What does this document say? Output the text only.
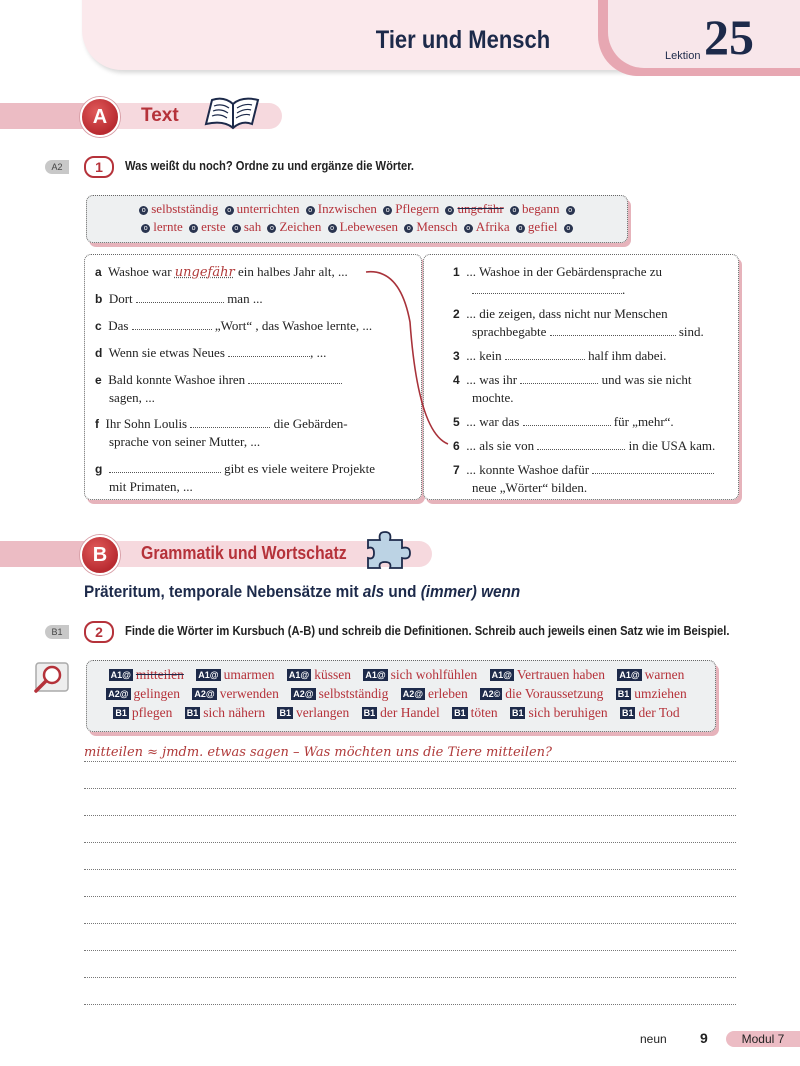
Tier und Mensch
Lektion 25
A	Text
A2	1	Was weißt du noch? Ordne zu und ergänze die Wörter.
o selbstständig o unterrichten o Inzwischen o Pflegern o ungefähr o begann o
o lernte o erste o sah o Zeichen o Lebewesen o Mensch o Afrika o gefiel o
a Washoe war ungefähr ein halbes Jahr alt, ...
b Dort	man ...
c Das	„Wort“ , das Washoe lernte, ...
d Wenn sie etwas Neues	, ...
e Bald konnte Washoe ihren
sagen, ...
f Ihr Sohn Loulis	die Gebärden-
sprache von seiner Mutter, ...
g	gibt es viele weitere Projekte
mit Primaten, ...
1 ... Washoe in der Gebärdensprache zu
.
2 ... die zeigen, dass nicht nur Menschen
sprachbegabte	sind.
3 ... kein	half ihm dabei.
4 ... was ihr	und was sie nicht
mochte.
5 ... war das	für „mehr“.
6 ... als sie von	in die USA kam.
7 ... konnte Washoe dafür
neue „Wörter“ bilden.
B	Grammatik und Wortschatz
Präteritum, temporale Nebensätze mit als und (immer) wenn
B1	2	Finde die Wörter im Kursbuch (A-B) und schreib die Definitionen. Schreib auch jeweils einen Satz wie im Beispiel.
A1@ mitteilen A1@ umarmen A1@ küssen A1@ sich wohlfühlen A1@ Vertrauen haben A1@ warnen
A2@ gelingen A2@ verwenden A2@ selbstständig A2@ erleben A2© die Voraussetzung B1 umziehen
B1 pflegen B1 sich nähern B1 verlangen B1 der Handel B1 töten B1 sich beruhigen B1 der Tod
mitteilen ≈ jmdm. etwas sagen – Was möchten uns die Tiere mitteilen?
neun 9	Modul 7
